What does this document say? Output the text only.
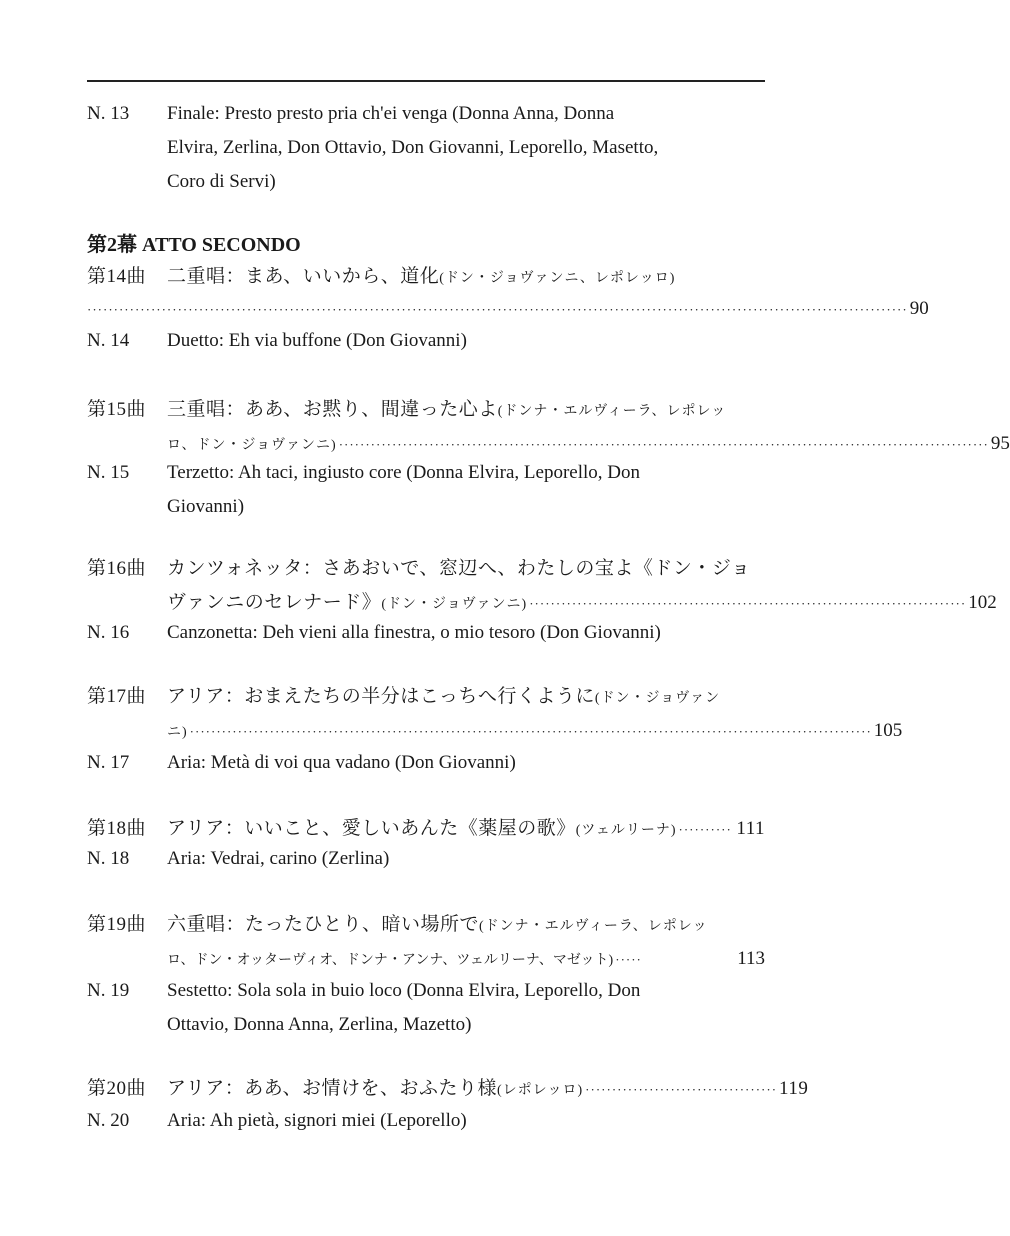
N. 13 Finale: Presto presto pria ch'ei venga (Donna Anna, Donna
Elvira, Zerlina, Don Ottavio, Don Giovanni, Leporello, Masetto,
Coro di Servi)
第2幕 ATTO SECONDO
第14曲 二重唱：まあ、いいから、道化(ドン・ジョヴァンニ、レポレッロ)
·························································································································································· 90
N. 14 Duetto: Eh via buffone (Don Giovanni)
第15曲 三重唱：ああ、お黙り、間違った心よ(ドンナ・エルヴィーラ、レポレッ
ロ、ドン・ジョヴァンニ) ·························································································································· 95
N. 15 Terzetto: Ah taci, ingiusto core (Donna Elvira, Leporello, Don
Giovanni)
第16曲 カンツォネッタ：さあおいで、窓辺へ、わたしの宝よ《ドン・ジョ
ヴァンニのセレナード》 (ドン・ジョヴァンニ) ·················································································· 102
N. 16 Canzonetta: Deh vieni alla finestra, o mio tesoro (Don Giovanni)
第17曲 アリア：おまえたちの半分はこっちへ行くように(ドン・ジョヴァン
ニ) ································································································································ 105
N. 17 Aria: Metà di voi qua vadano (Don Giovanni)
第18曲 アリア：いいこと、愛しいあんた《薬屋の歌》 (ツェルリーナ) ·········· 111
N. 18 Aria: Vedrai, carino (Zerlina)
第19曲 六重唱：たったひとり、暗い場所で(ドンナ・エルヴィーラ、レポレッ
ロ、ドン・オッターヴィオ、ドンナ・アンナ、ツェルリーナ、マゼット) ·····	113
N. 19 Sestetto: Sola sola in buio loco (Donna Elvira, Leporello, Don
Ottavio, Donna Anna, Zerlina, Mazetto)
第20曲 アリア：ああ、お情けを、おふたり様 (レポレッロ) ···································· 119
N. 20 Aria: Ah pietà, signori miei (Leporello)
